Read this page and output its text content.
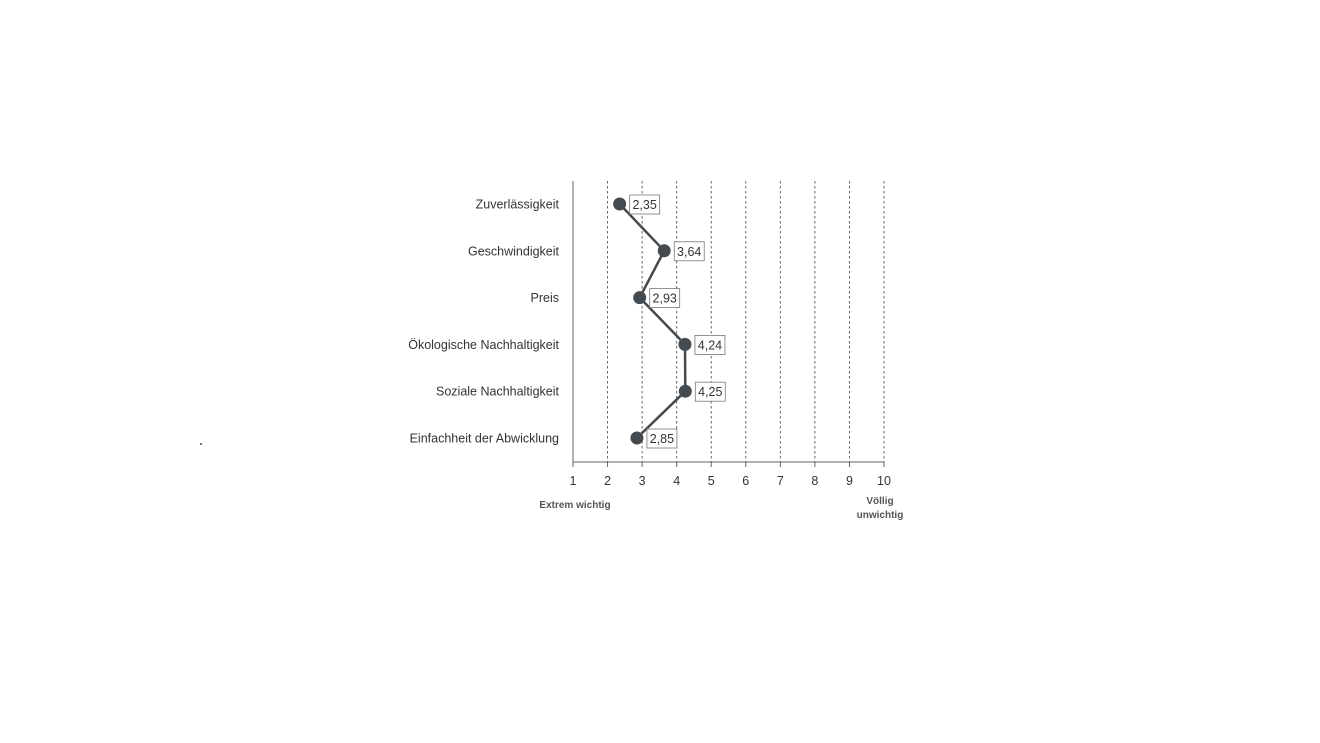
1 2 3 4 5 6 7 8 9 10
Zuverlässigkeit
Geschwindigkeit
Preis
Ökologische Nachhaltigkeit
Soziale Nachhaltigkeit
Einfachheit der Abwicklung
2,35
3,64
2,93
4,24
4,25
2,85
Extrem wichtig	Völlig
unwichtig
